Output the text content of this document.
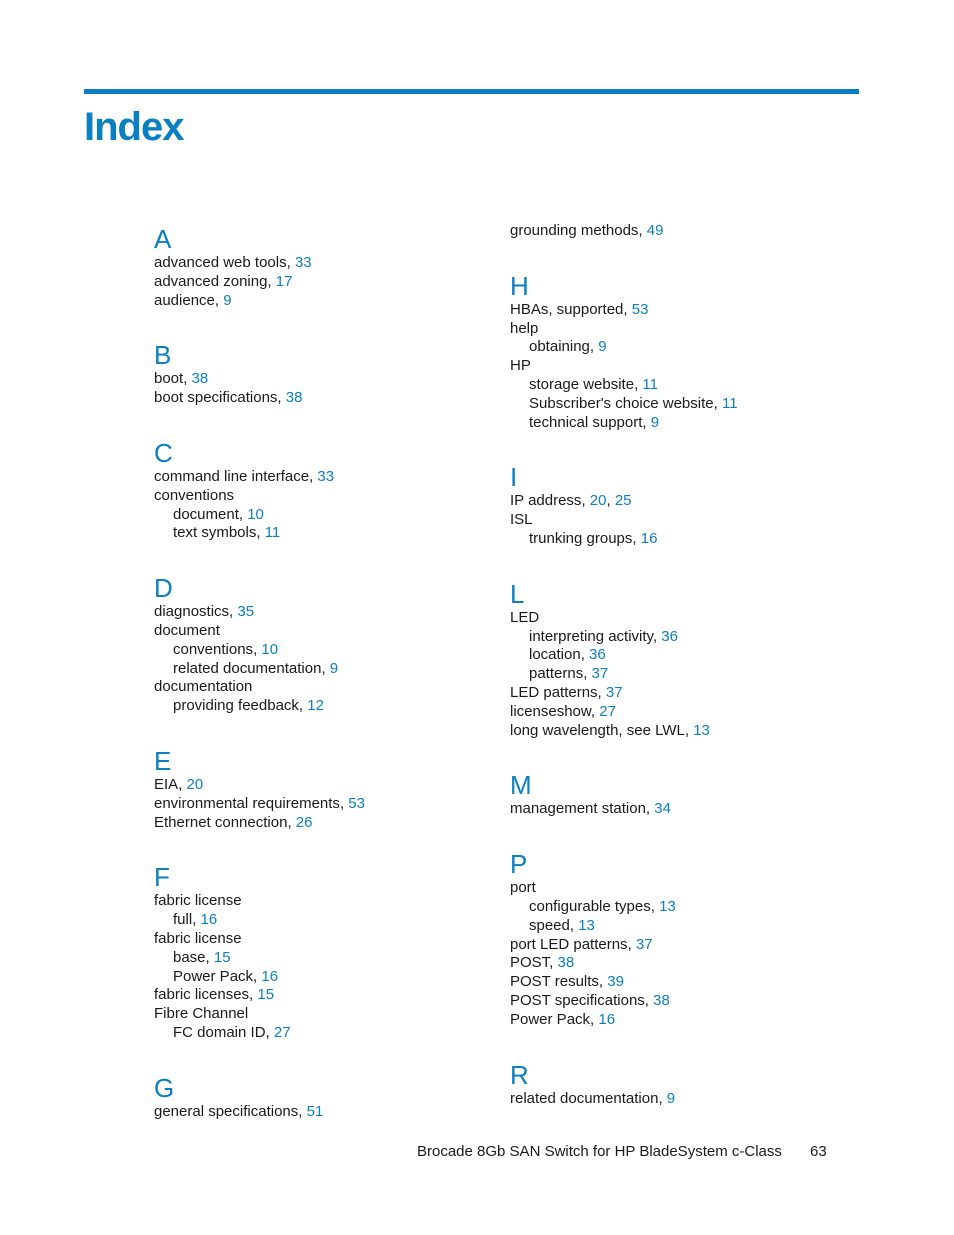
Index
A
advanced web tools, 33
advanced zoning, 17
audience, 9
B
boot, 38
boot specifications, 38
C
command line interface, 33
conventions
document, 10
text symbols, 11
D
diagnostics, 35
document
conventions, 10
related documentation, 9
documentation
providing feedback, 12
E
EIA, 20
environmental requirements, 53
Ethernet connection, 26
F
fabric license
full, 16
fabric license
base, 15
Power Pack, 16
fabric licenses, 15
Fibre Channel
FC domain ID, 27
G
general specifications, 51
grounding methods, 49
H
HBAs, supported, 53
help
obtaining, 9
HP
storage website, 11
Subscriber's choice website, 11
technical support, 9
I
IP address, 20, 25
ISL
trunking groups, 16
L
LED
interpreting activity, 36
location, 36
patterns, 37
LED patterns, 37
licenseshow, 27
long wavelength, see LWL, 13
M
management station, 34
P
port
configurable types, 13
speed, 13
port LED patterns, 37
POST, 38
POST results, 39
POST specifications, 38
Power Pack, 16
R
related documentation, 9
Brocade 8Gb SAN Switch for HP BladeSystem c-Class 63
